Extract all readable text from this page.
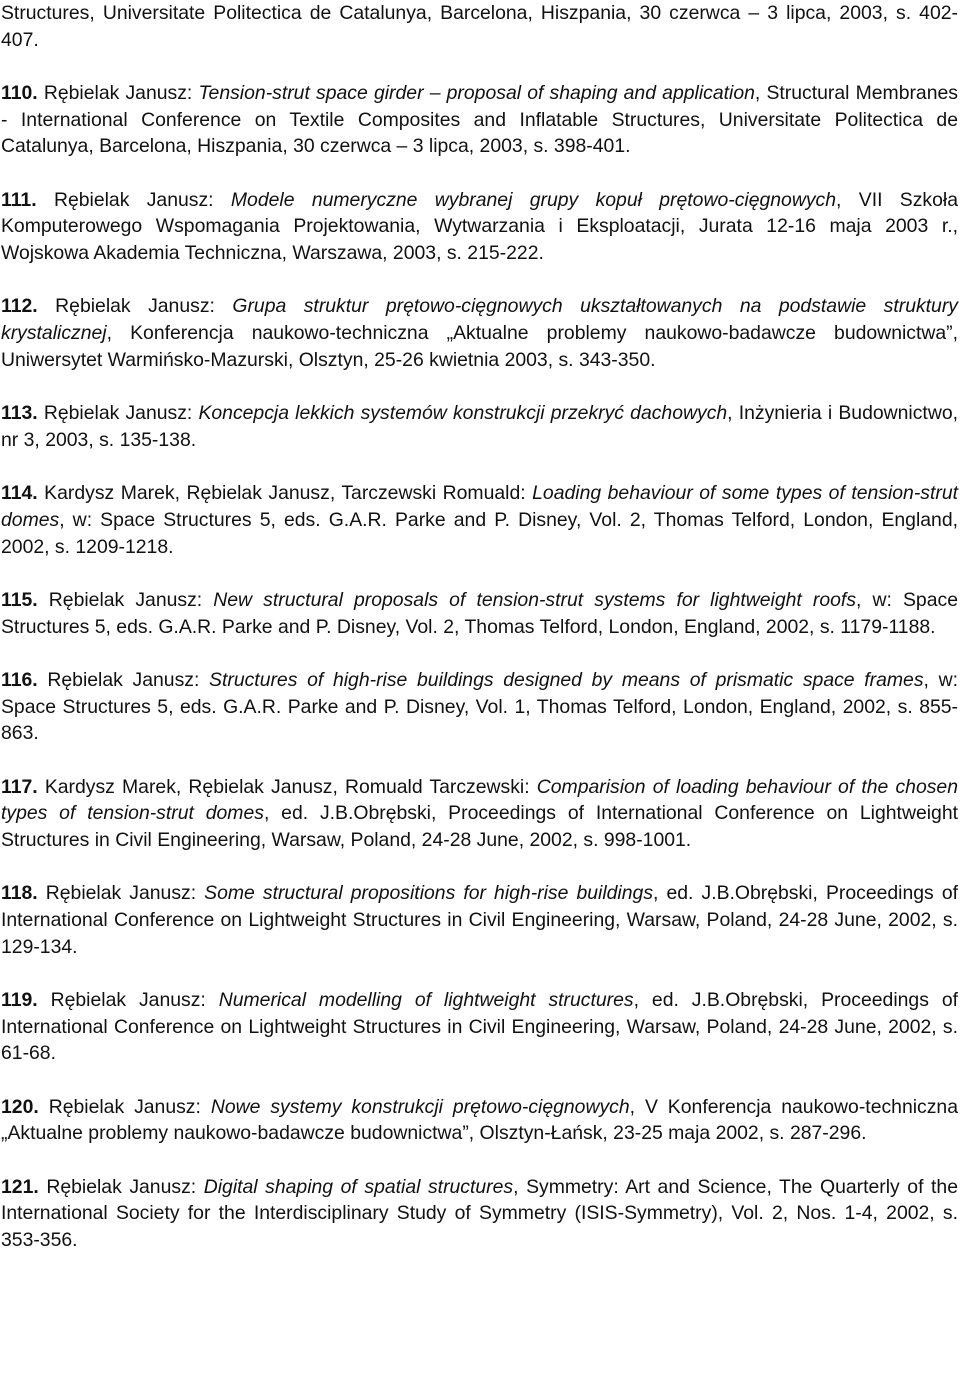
Structures, Universitate Politectica de Catalunya, Barcelona, Hiszpania, 30 czerwca – 3 lipca, 2003, s. 402-407.

110. Rębielak Janusz: Tension-strut space girder – proposal of shaping and application, Structural Membranes - International Conference on Textile Composites and Inflatable Structures, Universitate Politectica de Catalunya, Barcelona, Hiszpania, 30 czerwca – 3 lipca, 2003, s. 398-401.

111. Rębielak Janusz: Modele numeryczne wybranej grupy kopuł prętowo-cięgnowych, VII Szkoła Komputerowego Wspomagania Projektowania, Wytwarzania i Eksploatacji, Jurata 12-16 maja 2003 r., Wojskowa Akademia Techniczna, Warszawa, 2003, s. 215-222.

112. Rębielak Janusz: Grupa struktur prętowo-cięgnowych ukształtowanych na podstawie struktury krystalicznej, Konferencja naukowo-techniczna „Aktualne problemy naukowo-badawcze budownictwa”, Uniwersytet Warmińsko-Mazurski, Olsztyn, 25-26 kwietnia 2003, s. 343-350.

113. Rębielak Janusz: Koncepcja lekkich systemów konstrukcji przekryć dachowych, Inżynieria i Budownictwo, nr 3, 2003, s. 135-138.

114. Kardysz Marek, Rębielak Janusz, Tarczewski Romuald: Loading behaviour of some types of tension-strut domes, w: Space Structures 5, eds. G.A.R. Parke and P. Disney, Vol. 2, Thomas Telford, London, England, 2002, s. 1209-1218.

115. Rębielak Janusz: New structural proposals of tension-strut systems for lightweight roofs, w: Space Structures 5, eds. G.A.R. Parke and P. Disney, Vol. 2, Thomas Telford, London, England, 2002, s. 1179-1188.

116. Rębielak Janusz: Structures of high-rise buildings designed by means of prismatic space frames, w: Space Structures 5, eds. G.A.R. Parke and P. Disney, Vol. 1, Thomas Telford, London, England, 2002, s. 855-863.

117. Kardysz Marek, Rębielak Janusz, Romuald Tarczewski: Comparision of loading behaviour of the chosen types of tension-strut domes, ed. J.B.Obrębski, Proceedings of International Conference on Lightweight Structures in Civil Engineering, Warsaw, Poland, 24-28 June, 2002, s. 998-1001.

118. Rębielak Janusz: Some structural propositions for high-rise buildings, ed. J.B.Obrębski, Proceedings of International Conference on Lightweight Structures in Civil Engineering, Warsaw, Poland, 24-28 June, 2002, s. 129-134.

119. Rębielak Janusz: Numerical modelling of lightweight structures, ed. J.B.Obrębski, Proceedings of International Conference on Lightweight Structures in Civil Engineering, Warsaw, Poland, 24-28 June, 2002, s. 61-68.

120. Rębielak Janusz: Nowe systemy konstrukcji prętowo-cięgnowych, V Konferencja naukowo-techniczna „Aktualne problemy naukowo-badawcze budownictwa”, Olsztyn-Łańsk, 23-25 maja 2002, s. 287-296.

121. Rębielak Janusz: Digital shaping of spatial structures, Symmetry: Art and Science, The Quarterly of the International Society for the Interdisciplinary Study of Symmetry (ISIS-Symmetry), Vol. 2, Nos. 1-4, 2002, s. 353-356.
